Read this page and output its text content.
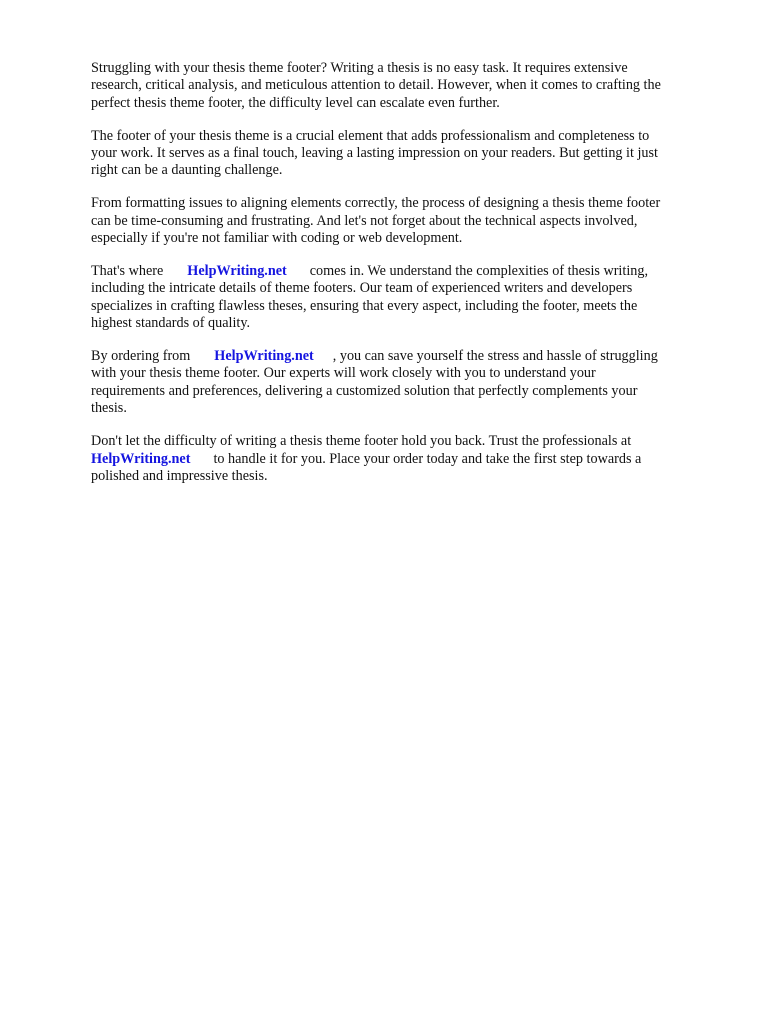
Struggling with your thesis theme footer? Writing a thesis is no easy task. It requires extensive
research, critical analysis, and meticulous attention to detail. However, when it comes to crafting the
perfect thesis theme footer, the difficulty level can escalate even further.

The footer of your thesis theme is a crucial element that adds professionalism and completeness to
your work. It serves as a final touch, leaving a lasting impression on your readers. But getting it just
right can be a daunting challenge.

From formatting issues to aligning elements correctly, the process of designing a thesis theme footer
can be time-consuming and frustrating. And let's not forget about the technical aspects involved,
especially if you're not familiar with coding or web development.

That's where HelpWriting.net comes in. We understand the complexities of thesis writing,
including the intricate details of theme footers. Our team of experienced writers and developers
specializes in crafting flawless theses, ensuring that every aspect, including the footer, meets the
highest standards of quality.

By ordering from HelpWriting.net , you can save yourself the stress and hassle of struggling
with your thesis theme footer. Our experts will work closely with you to understand your
requirements and preferences, delivering a customized solution that perfectly complements your
thesis.

Don't let the difficulty of writing a thesis theme footer hold you back. Trust the professionals at
HelpWriting.net to handle it for you. Place your order today and take the first step towards a
polished and impressive thesis.
